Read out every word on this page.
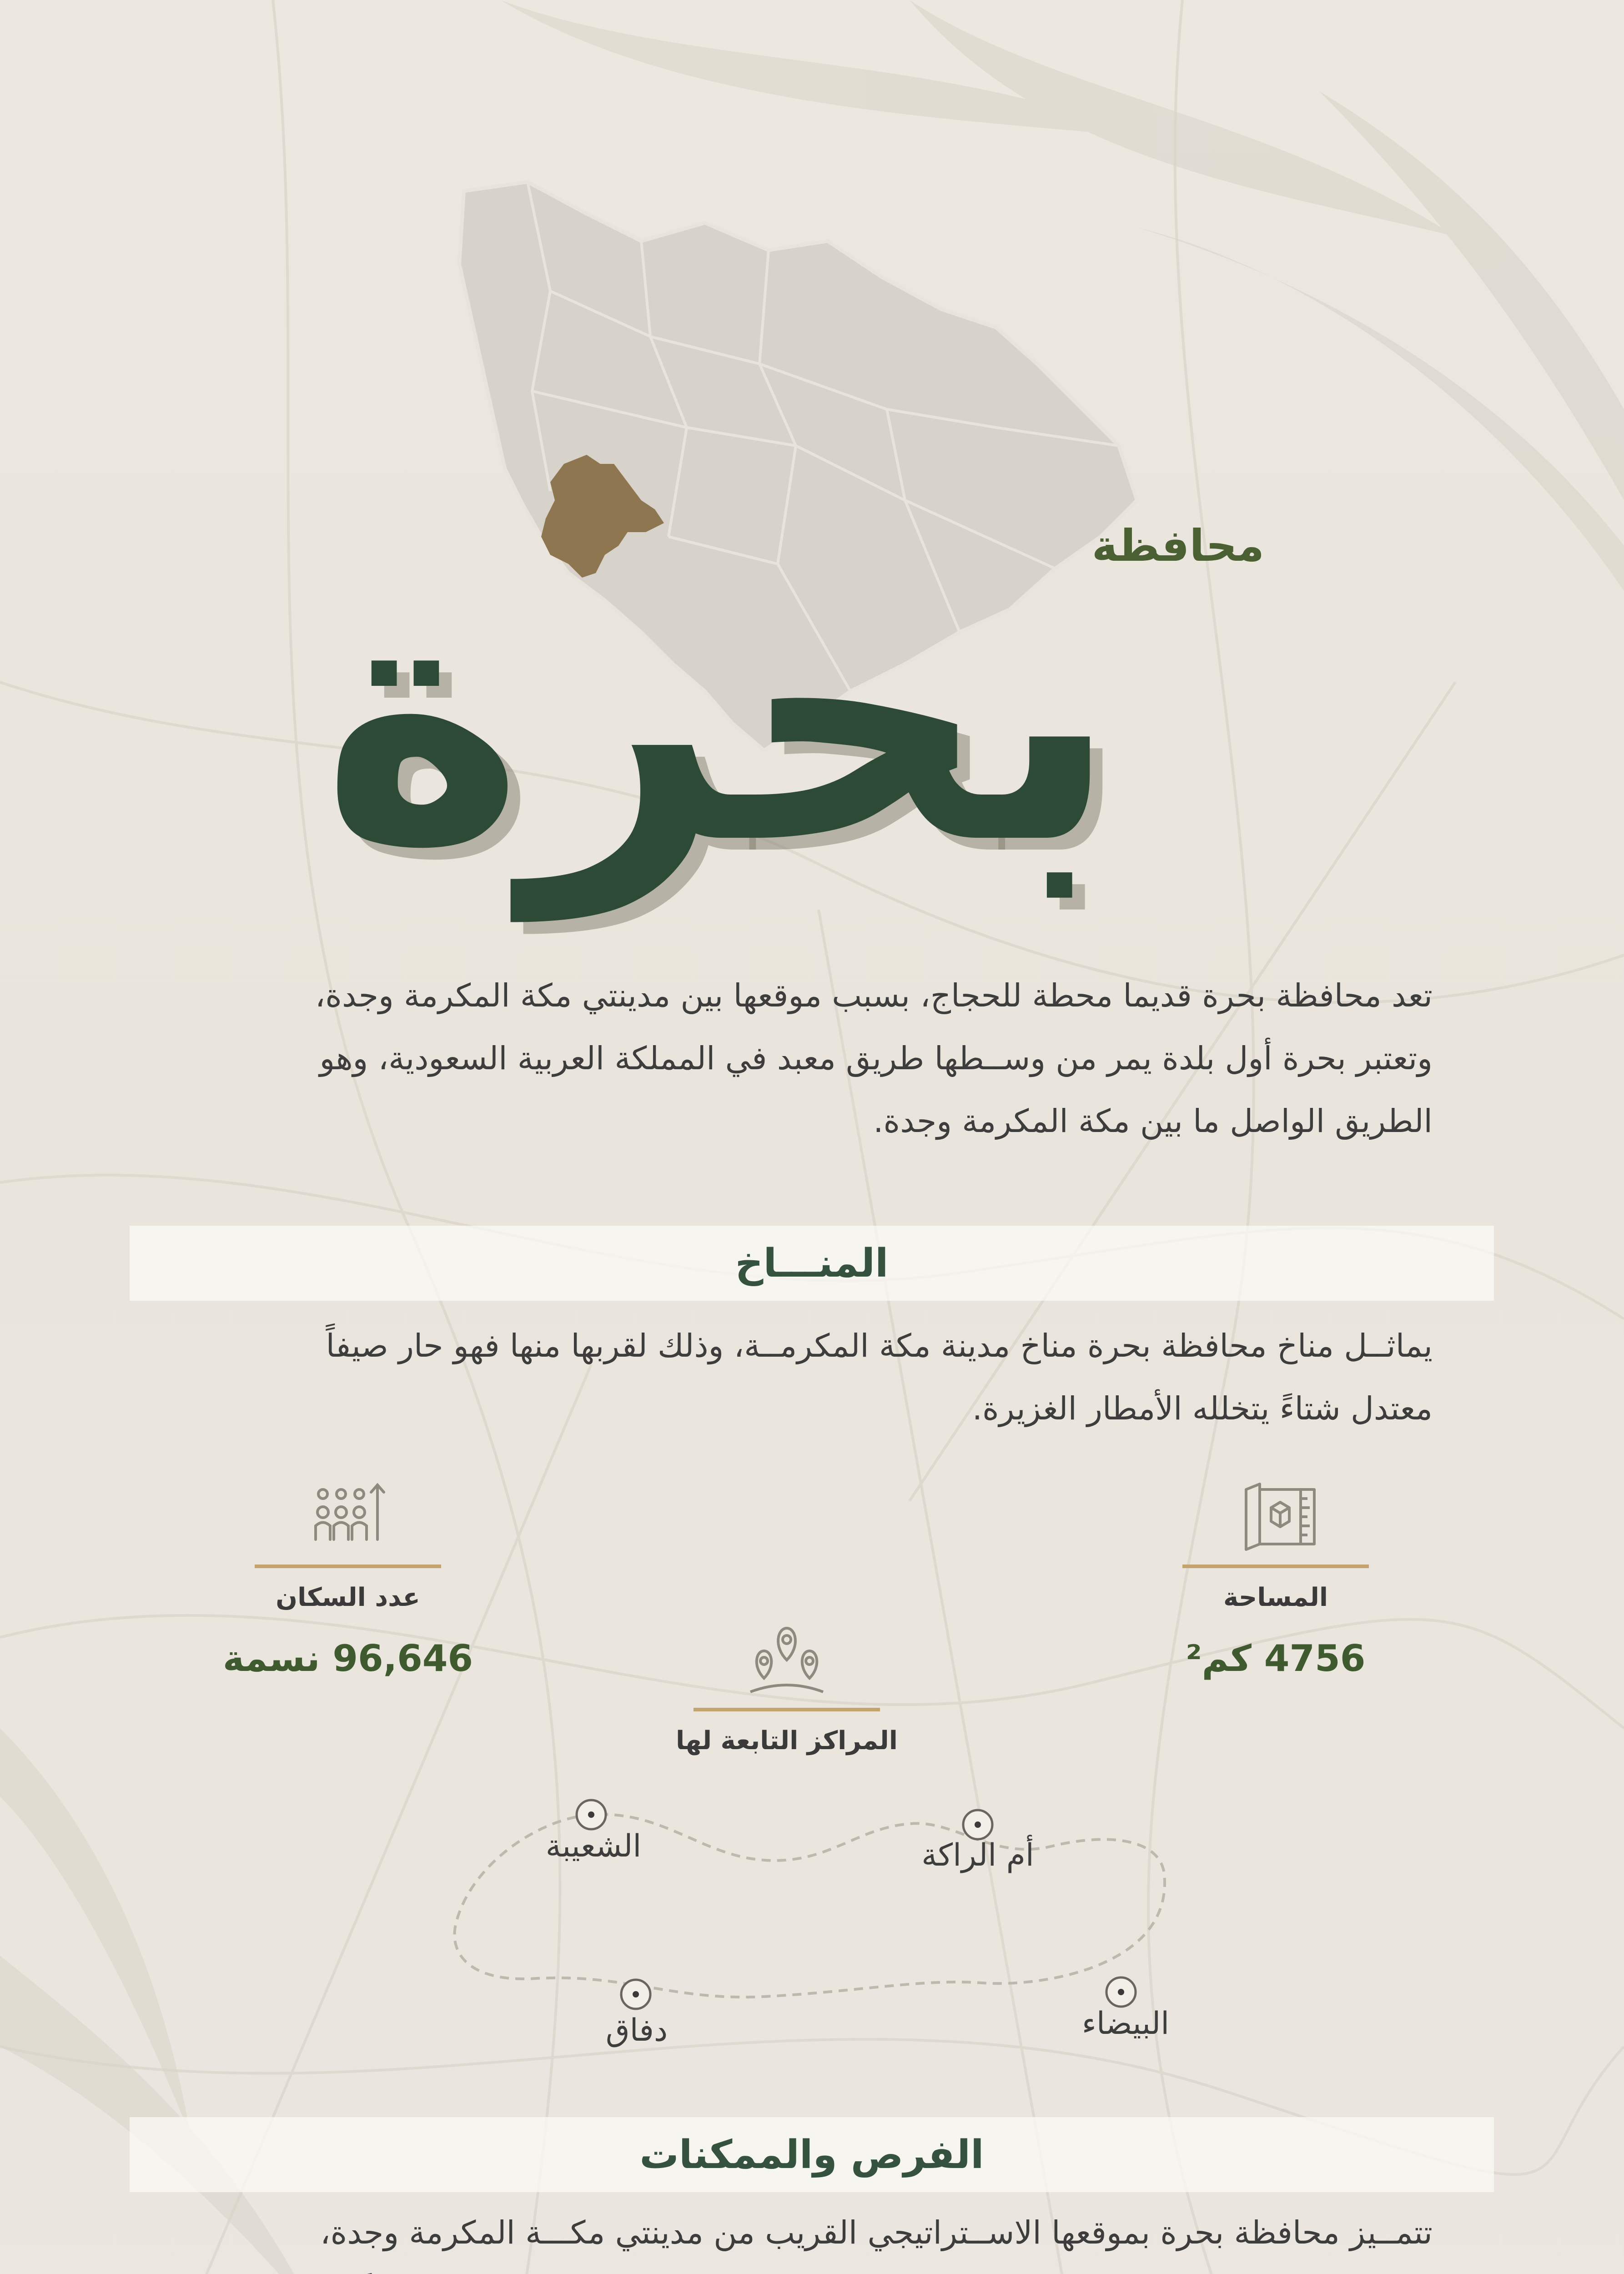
محافظة
بحرة
تعد محافظة بحرة قديما محطة للحجاج، بسبب موقعها بين مدينتي مكة المكرمة وجدة،
وتعتبر بحرة أول بلدة يمر من وســطها طريق معبد في المملكة العربية السعودية، وهو
الطريق الواصل ما بين مكة المكرمة وجدة.
المنـــاخ
يماثــل مناخ محافظة بحرة مناخ مدينة مكة المكرمــة، وذلك لقربها منها فهو حار صيفاً
معتدل شتاءً يتخلله الأمطار الغزيرة.
عدد السكان
96,646 نسمة
المساحة
4756 كم²
المراكز التابعة لها
الشعيبة	أم الراكة
دفاق	البيضاء
الفرص والممكنات
تتمــيز محافظة بحرة بموقعها الاســتراتيجي القريب من مدينتي مكـــة المكرمة وجدة،
